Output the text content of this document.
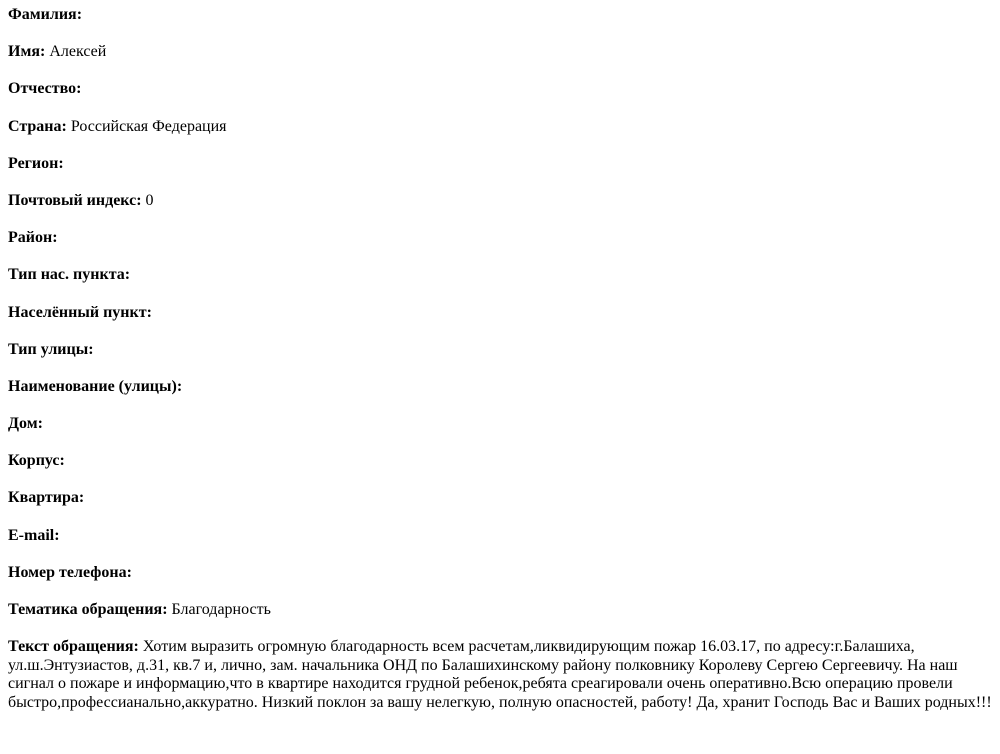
Фамилия:

Имя: Алексей

Отчество:

Страна: Российская Федерация

Регион:

Почтовый индекс: 0

Район:

Тип нас. пункта:

Населённый пункт:

Тип улицы:

Наименование (улицы):

Дом:

Корпус:

Квартира:

E-mail:

Номер телефона:

Тематика обращения: Благодарность

Текст обращения: Хотим выразить огромную благодарность всем расчетам,ликвидирующим пожар 16.03.17, по адресу:г.Балашиха, ул.ш.Энтузиастов, д.31, кв.7 и, лично, зам. начальника ОНД по Балашихинскому району полковнику Королеву Сергею Сергеевичу. На наш сигнал о пожаре и информацию,что в квартире находится грудной ребенок,ребята среагировали очень оперативно.Всю операцию провели быстро,профессианально,аккуратно. Низкий поклон за вашу нелегкую, полную опасностей, работу! Да, хранит Господь Вас и Ваших родных!!!
